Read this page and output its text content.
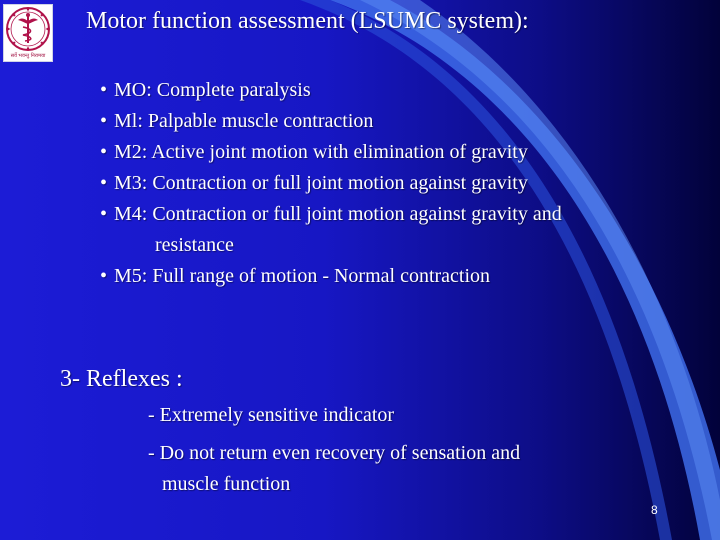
सर्वे भवन्तु निरामया
Motor function assessment (LSUMC system):
• MO: Complete paralysis
• Ml: Palpable muscle contraction
• M2: Active joint motion with elimination of gravity
• M3: Contraction or full joint motion against gravity
• M4: Contraction or full joint motion against gravity and
resistance
• M5: Full range of motion - Normal contraction
3- Reflexes :
- Extremely sensitive indicator
- Do not return even recovery of sensation and
muscle function
8
